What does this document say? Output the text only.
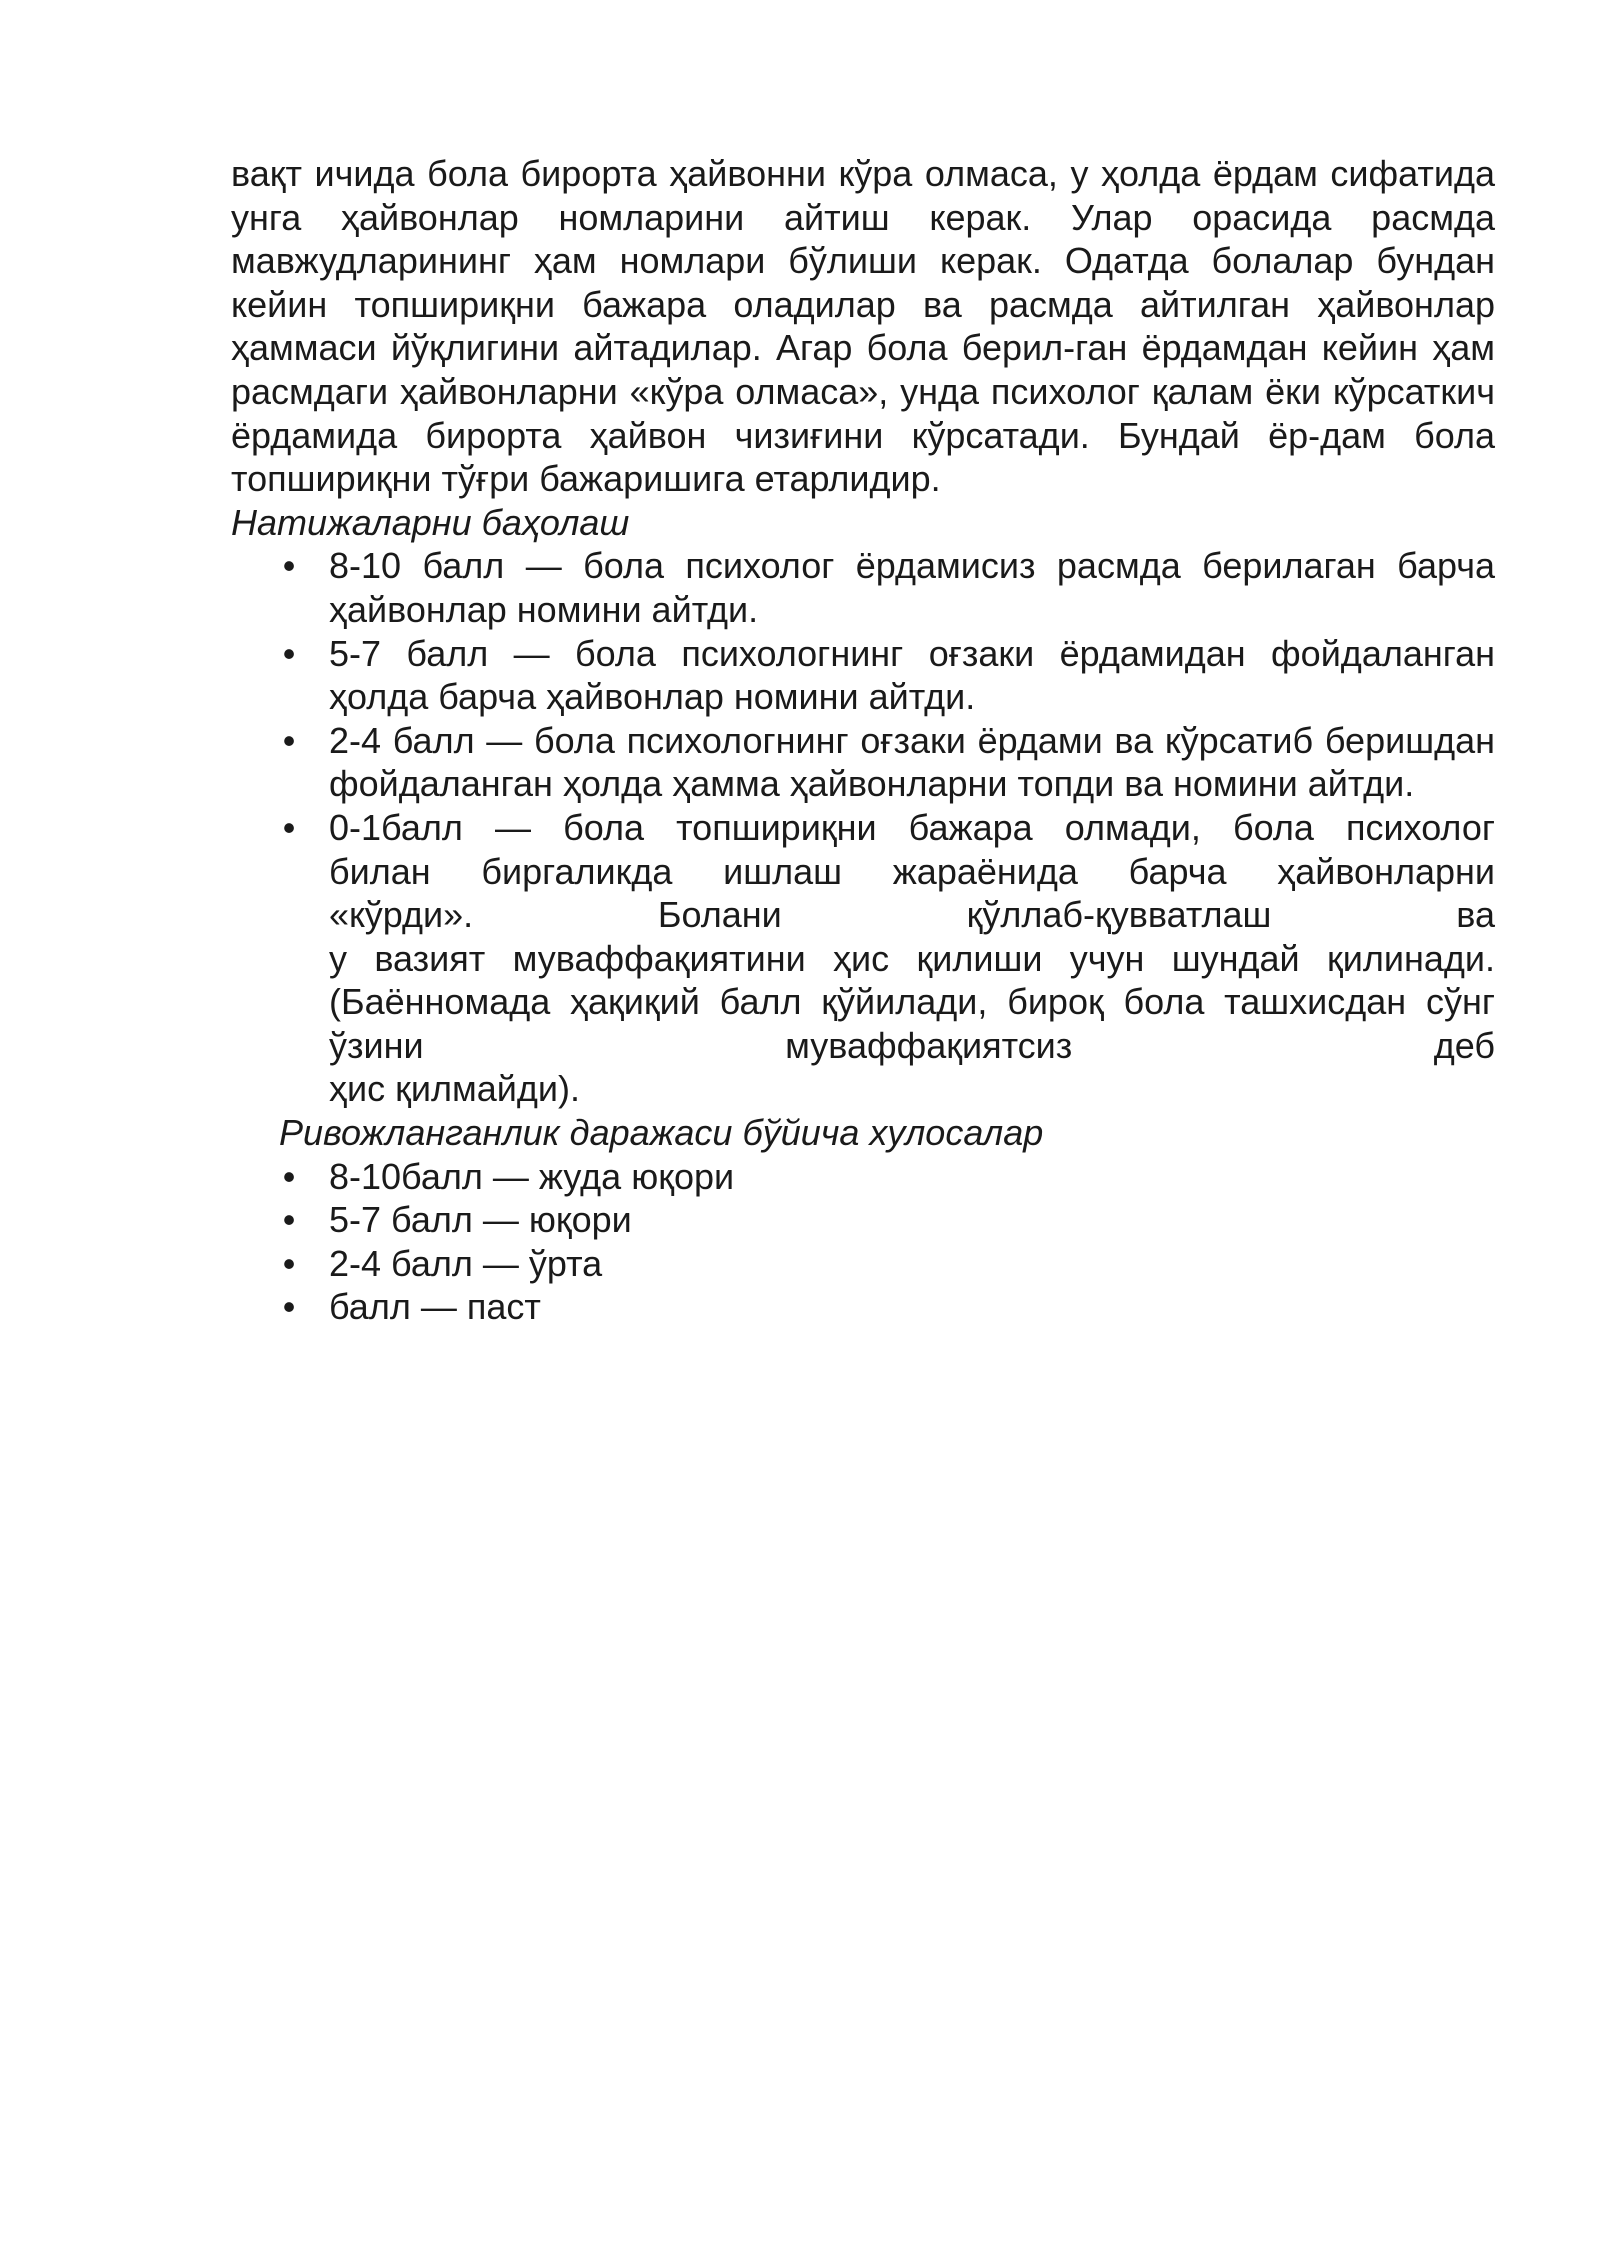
вақт ичида бола бирорта ҳайвонни кўра олмаса, у ҳолда ёрдам сифатида унга ҳайвонлар номларини айтиш керак. Улар орасида расмда мавжудларининг ҳам номлари бўлиши керак. Одатда болалар бундан кейин топшириқни бажара оладилар ва расмда айтилган ҳайвонлар ҳаммаси йўқлигини айтадилар. Агар бола берил-ган ёрдамдан кейин ҳам расмдаги ҳайвонларни «кўра олмаса», унда психолог қалам ёки кўрсаткич ёрдамида бирорта ҳайвон чизиғини кўрсатади. Бундай ёр-дам бола топшириқни тўғри бажаришига етарлидир.

Натижаларни баҳолаш

• 8-10 балл — бола психолог ёрдамисиз расмда берилаган барча ҳайвонлар номини айтди.
• 5-7 балл — бола психологнинг оғзаки ёрдамидан фойдаланган ҳолда барча ҳайвонлар номини айтди.
• 2-4 балл — бола психологнинг оғзаки ёрдами ва кўрсатиб беришдан фойдаланган ҳолда ҳамма ҳайвонларни топди ва номини айтди.
• 0-1балл — бола топшириқни бажара олмади, бола психолог
билан биргаликда ишлаш жараёнида барча ҳайвонларни
«кўрди». Болани қўллаб-қувватлаш ва
у вазият муваффақиятини ҳис қилиши учун шундай қилинади.
(Баённомада ҳақиқий балл қўйилади, бироқ бола ташхисдан сўнг
ўзини муваффақиятсиз деб
ҳис қилмайди).

Ривожланганлик даражаси бўйича хулосалар

• 8-10балл — жуда юқори
• 5-7 балл — юқори
• 2-4 балл — ўрта
• балл — паст
